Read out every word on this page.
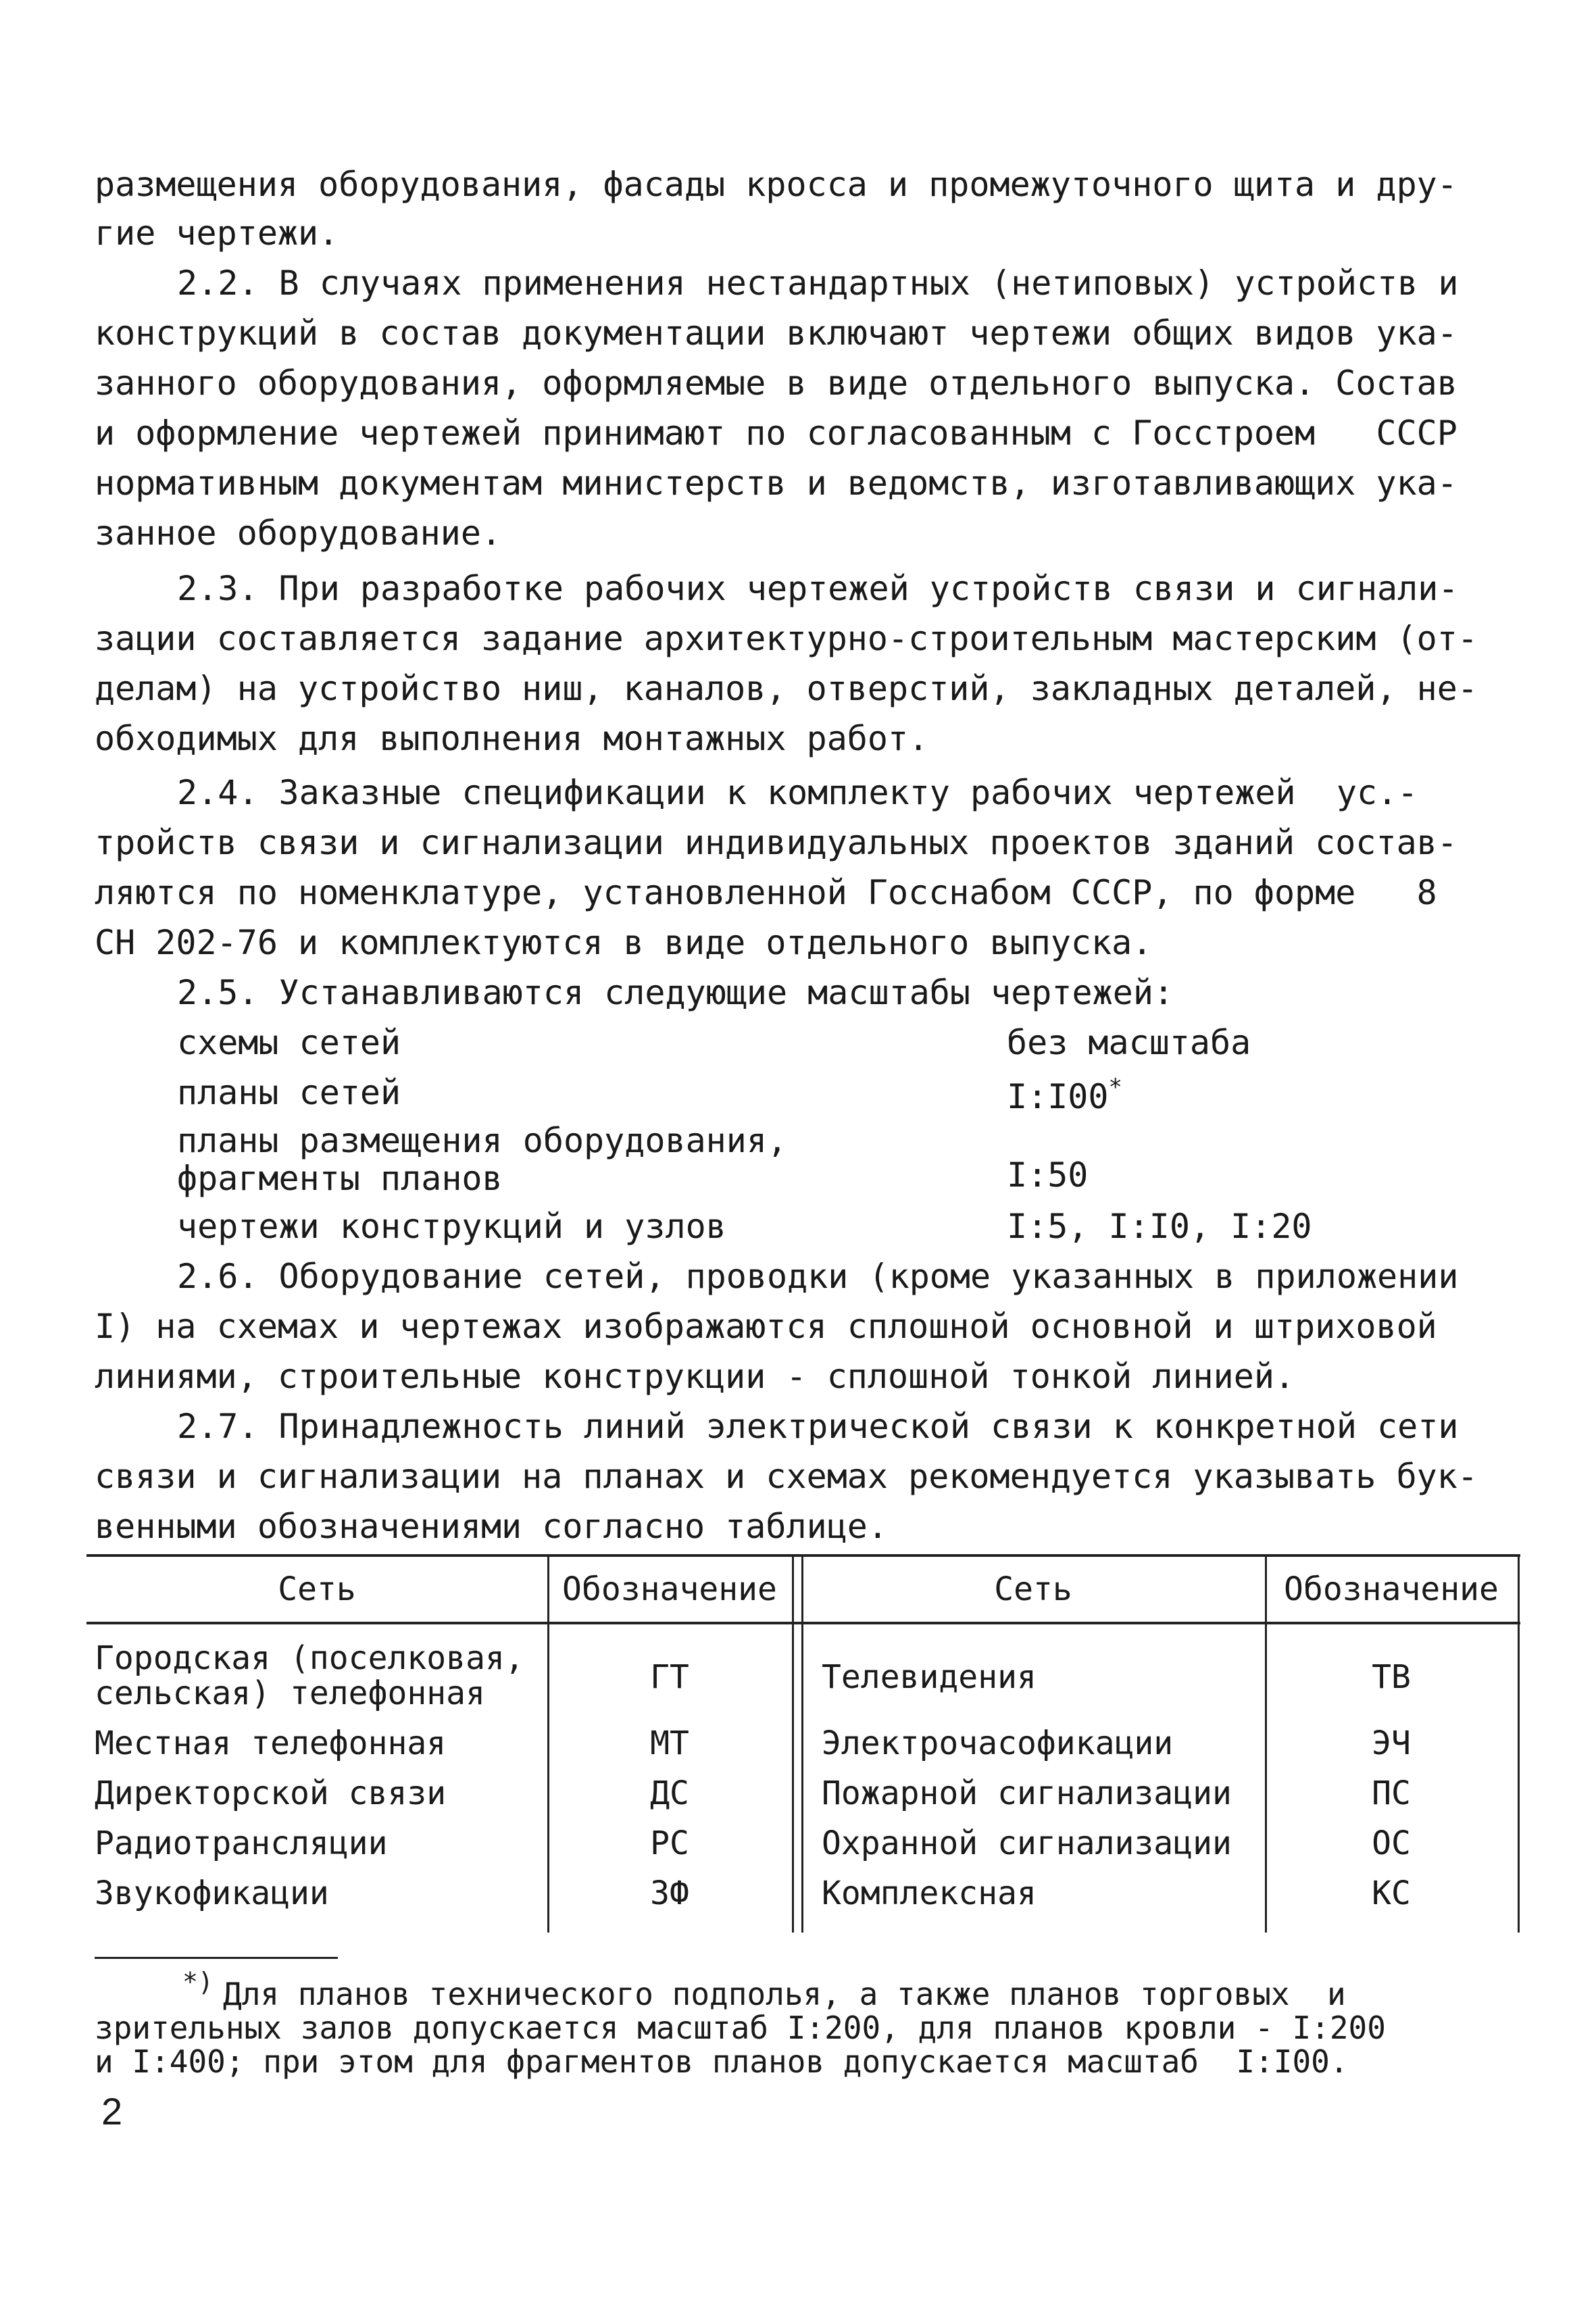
размещения оборудования, фасады кросса и промежуточного щита и дру-
гие чертежи.
2.2. В случаях применения нестандартных (нетиповых) устройств и
конструкций в состав документации включают чертежи общих видов ука-
занного оборудования, оформляемые в виде отдельного выпуска. Состав
и оформление чертежей принимают по согласованным с Госстроем   СССР
нормативным документам министерств и ведомств, изготавливающих ука-
занное оборудование.
2.3. При разработке рабочих чертежей устройств связи и сигнали-
зации составляется задание архитектурно-строительным мастерским (от-
делам) на устройство ниш, каналов, отверстий, закладных деталей, не-
обходимых для выполнения монтажных работ.
2.4. Заказные спецификации к комплекту рабочих чертежей  ус.-
тройств связи и сигнализации индивидуальных проектов зданий состав-
ляются по номенклатуре, установленной Госснабом СССР, по форме   8
СН 202-76 и комплектуются в виде отдельного выпуска.
2.5. Устанавливаются следующие масштабы чертежей:
схемы сетей	без масштаба
планы сетей	I:I00*
планы размещения оборудования,
фрагменты планов	I:50
чертежи конструкций и узлов	I:5, I:I0, I:20
2.6. Оборудование сетей, проводки (кроме указанных в приложении
I) на схемах и чертежах изображаются сплошной основной и штриховой
линиями, строительные конструкции - сплошной тонкой линией.
2.7. Принадлежность линий электрической связи к конкретной сети
связи и сигнализации на планах и схемах рекомендуется указывать бук-
венными обозначениями согласно таблице.
Сеть	Обозначение	Сеть	Обозначение
Городская (поселковая,
сельская) телефонная	ГТ	Телевидения	ТВ
Местная телефонная	МТ	Электрочасофикации	ЭЧ
Директорской связи	ДС	Пожарной сигнализации	ПС
Радиотрансляции	РС	Охранной сигнализации	ОС
Звукофикации	ЗФ	Комплексная	КС
*) Для планов технического подполья, а также планов торговых  и
зрительных залов допускается масштаб I:200, для планов кровли - I:200
и I:400; при этом для фрагментов планов допускается масштаб  I:I00.
2
